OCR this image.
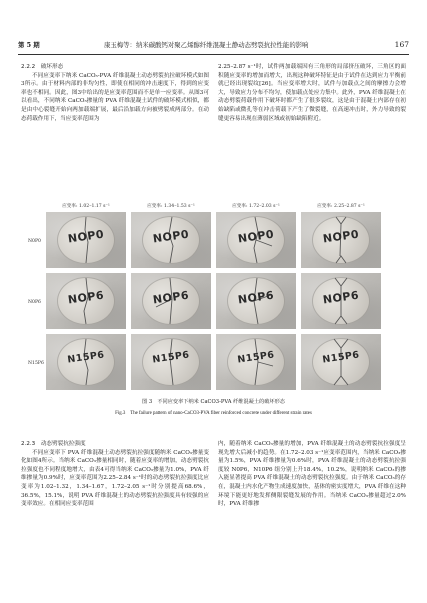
第 5 期	康玉梅等：纳米碳酸钙对聚乙烯醇纤维混凝土静动态劈裂抗拉性能的影响	167

2.2.2　破坏形态

不同应变率下纳米 CaCO₃-PVA 纤维混凝土动态劈裂抗拉破坏模式如图3所示。由于材料内部的非均匀性，即使在相同的冲击速度下，得到的应变率也不相同。因此，图3中给出的是应变率范围而不是单一应变率。从图3可以看出，不同纳米 CaCO₃掺量的 PVA 纤维混凝土试件的破坏模式相似，都是由中心裂缝开始向两加载端扩展，最后沿加载方向被劈裂成两部分。在动态荷载作用下，当应变率范围为

2.25–2.87 s⁻¹时，试件两加载端因有三角形的局部挤压破坏，三角区的面积随应变率的增加而增大，出现这种破坏特征是由于试件在达到应力平衡前就已经出现裂纹[26]。当应变率增大时，试件与加载点之间的摩擦力会增大，导致应力分布不均匀，使加载点处应力集中。此外，PVA 纤维混凝土在动态劈裂荷载作用下破坏时都产生了很多裂纹，这是由于混凝土内部存在初始缺陷或微孔等在冲击荷载下产生了微裂缝，在高速冲击时，外力导致的裂缝更容易出现在薄弱区域或初始缺陷附近。

应变率: 1.02–1.17 s⁻¹	应变率: 1.34–1.53 s⁻¹	应变率: 1.72–2.03 s⁻¹	应变率: 2.25–2.87 s⁻¹
N0P0
N0P6
N15P6
NOP0	NOP0	NOP0	NOP0
NOP6	NOP6	NOP6	NOP6
N15P6	N15P6	N15P6	N15P6
图 3　不同应变率下纳米 CaCO3-PVA 纤维混凝土的破坏形态
Fig.3　The failure pattern of nano-CaCO3-PVA fiber reinforced concrete under different strain rates

2.2.3　动态劈裂抗拉强度

不同应变率下 PVA 纤维混凝土动态劈裂抗拉强度随纳米 CaCO₃掺量变化如图4所示。当纳米 CaCO₃掺量相同时，随着应变率的增加，动态劈裂抗拉强度也不同程度地增大，由表4可得当纳米 CaCO₃掺量为1.0%，PVA 纤维掺量为0.9%时，应变率范围为2.25–2.84 s⁻¹时的动态劈裂抗拉强度比应变率为1.02–1.32，1.34–1.67，1.72–2.05 s⁻¹时分别提高68.6%，36.5%，15.1%，说明 PVA 纤维混凝土的动态劈裂抗拉强度具有较强的应变率效应。在相同应变率范围

内，随着纳米 CaCO₃掺量的增加，PVA 纤维混凝土的动态劈裂抗拉强度呈现先增大后减小的趋势。在1.72–2.03 s⁻¹应变率范围内，当纳米 CaCO₃掺量为1.5%，PVA 纤维掺量为0.6%时，PVA 纤维混凝土的动态劈裂抗拉强度较 N0P6，N10P6 组分别上升18.4%，10.2%，说明纳米 CaCO₃的掺入能显著提高 PVA 纤维混凝土的动态劈裂抗拉强度。由于纳米 CaCO₃的存在，混凝土内水化产物生成速度加快，基体的密实度增大，PVA 纤维在这种环境下能更好地发挥侧限裂缝发展的作用。当纳米 CaCO₃掺量超过2.0%时，PVA 纤维掺
